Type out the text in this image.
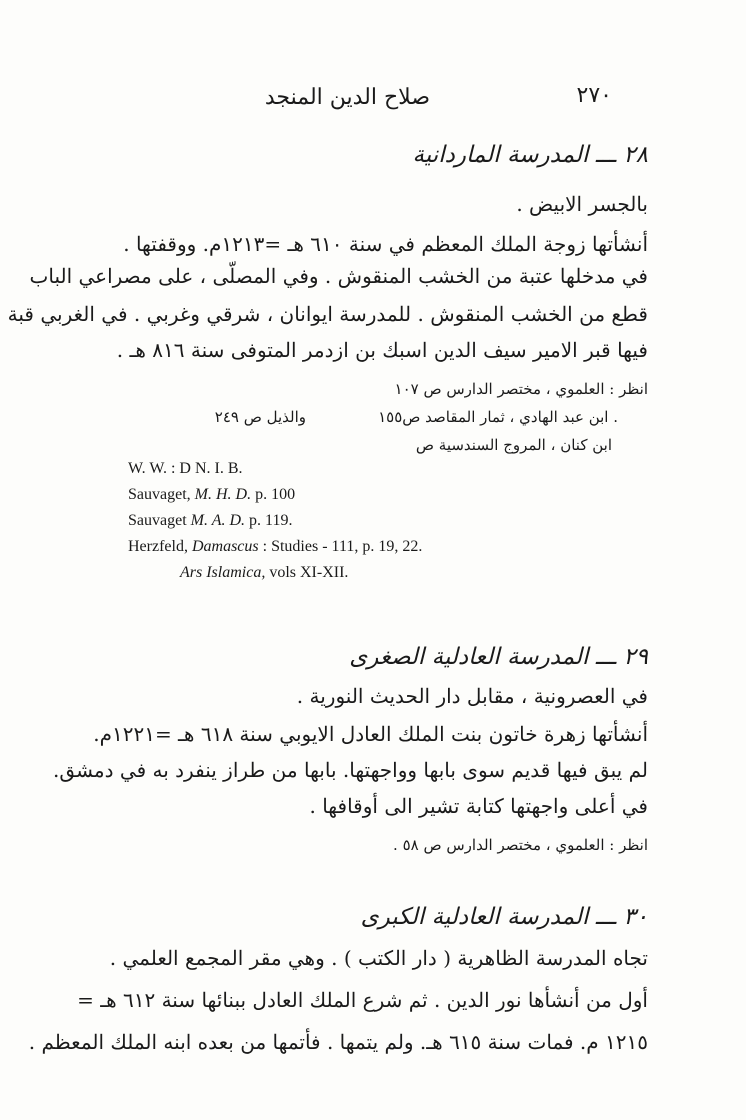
٢٧٠
صلاح الدين المنجد
٢٨ ـــ المدرسة الماردانية
بالجسر الابيض .
أنشأتها زوجة الملك المعظم في سنة ٦١٠ هـ =١٢١٣م. ووقفتها .
في مدخلها عتبة من الخشب المنقوش . وفي المصلّى ، على مصراعي الباب
قطع من الخشب المنقوش . للمدرسة ايوانان ، شرقي وغربي . في الغربي قبة
فيها قبر الامير سيف الدين اسبك بن ازدمر المتوفى سنة ٨١٦ هـ .
انظر : العلموي ، مختصر الدارس ص ١٠٧
. ابن عبد الهادي ، ثمار المقاصد ص١٥٥
والذيل ص ٢٤٩
ابن كنان ، المروج السندسية ص
W. W. : D N. I. B.
Sauvaget, M. H. D. p. 100
Sauvaget M. A. D. p. 119.
Herzfeld, Damascus : Studies - 111, p. 19, 22.
Ars Islamica, vols XI-XII.
٢٩ ـــ المدرسة العادلية الصغرى
في العصرونية ، مقابل دار الحديث النورية .
أنشأتها زهرة خاتون بنت الملك العادل الايوبي سنة ٦١٨ هـ =١٢٢١م.
لم يبق فيها قديم سوى بابها وواجهتها. بابها من طراز ينفرد به في دمشق.
في أعلى واجهتها كتابة تشير الى أوقافها .
انظر : العلموي ، مختصر الدارس ص ٥٨ .
٣٠ ـــ المدرسة العادلية الكبرى
تجاه المدرسة الظاهرية ( دار الكتب ) . وهي مقر المجمع العلمي .
أول من أنشأها نور الدين . ثم شرع الملك العادل ببنائها سنة ٦١٢ هـ =
١٢١٥ م. فمات سنة ٦١٥ هـ. ولم يتمها . فأتمها من بعده ابنه الملك المعظم .
